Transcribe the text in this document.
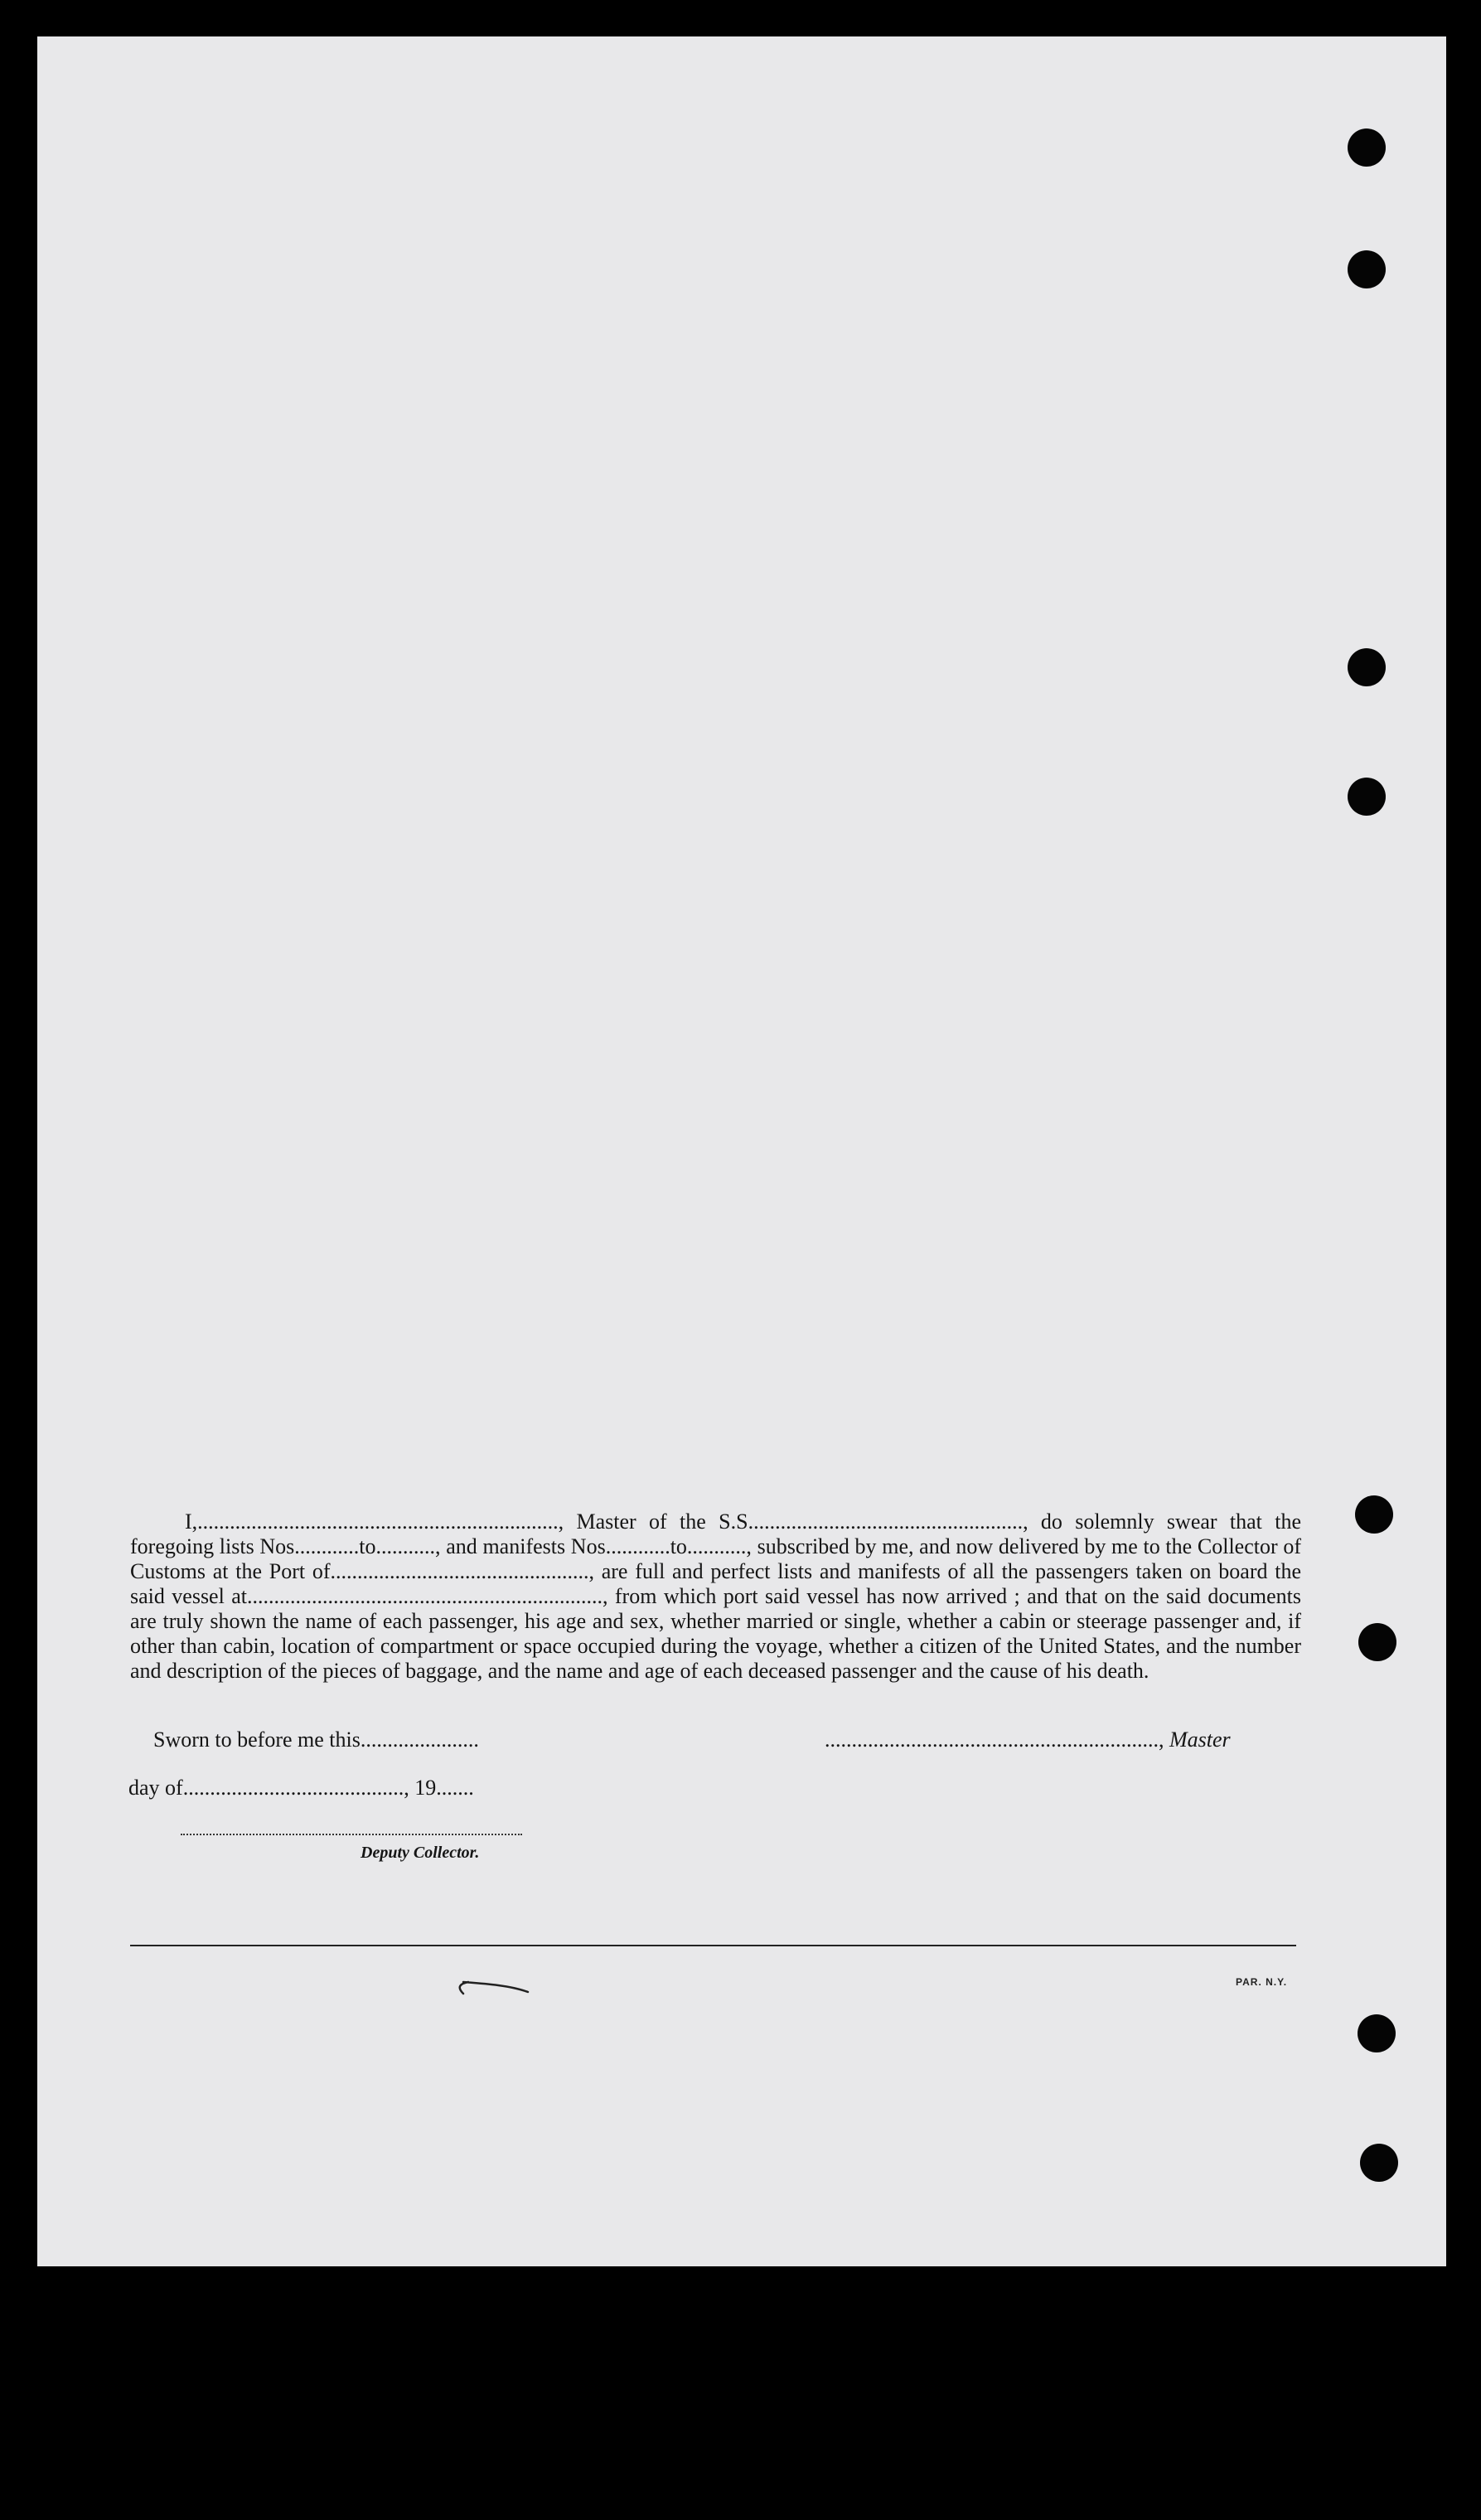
I,..................................................................., Master of the S.S..................................................., do solemnly swear that the foregoing lists Nos............to..........., and manifests Nos............to..........., subscribed by me, and now delivered by me to the Collector of Customs at the Port of................................................, are full and perfect lists and manifests of all the passengers taken on board the said vessel at.................................................................., from which port said vessel has now arrived ; and that on the said documents are truly shown the name of each passenger, his age and sex, whether married or single, whether a cabin or steerage passenger and, if other than cabin, location of compartment or space occupied during the voyage, whether a citizen of the United States, and the number and description of the pieces of baggage, and the name and age of each deceased passenger and the cause of his death.

Sworn to before me this......................	.............................................................., Master
day of........................................., 19.......
Deputy Collector.
PAR. N.Y.
